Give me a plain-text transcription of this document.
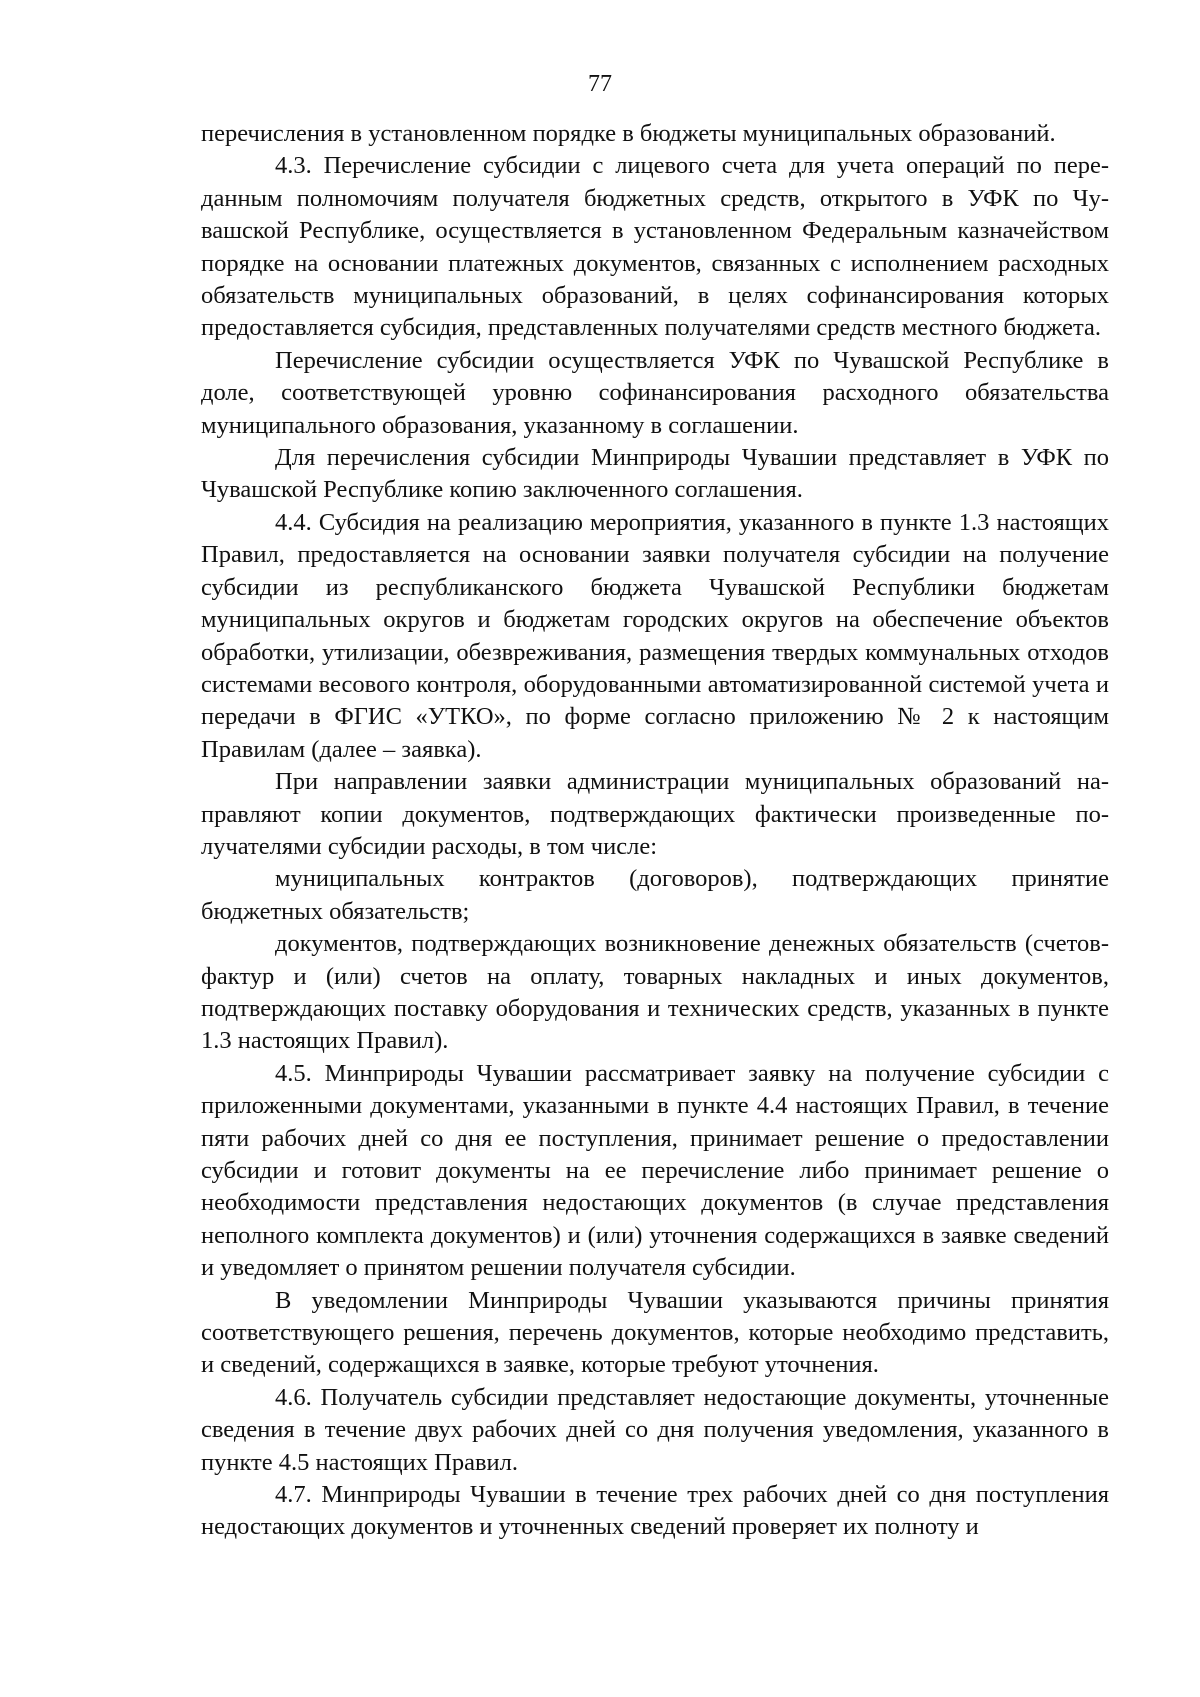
77

перечисления в установленном порядке в бюджеты муниципальных образований.

4.3. Перечисление субсидии с лицевого счета для учета операций по переданным полномочиям получателя бюджетных средств, открытого в УФК по Чувашской Республике, осуществляется в установленном Федеральным казначейством порядке на основании платежных документов, связанных с исполнением расходных обязательств муниципальных образований, в целях софинансирования которых предоставляется субсидия, представленных получателями средств местного бюджета.

Перечисление субсидии осуществляется УФК по Чувашской Республике в доле, соответствующей уровню софинансирования расходного обязательства муниципального образования, указанному в соглашении.

Для перечисления субсидии Минприроды Чувашии представляет в УФК по Чувашской Республике копию заключенного соглашения.

4.4. Субсидия на реализацию мероприятия, указанного в пункте 1.3 настоящих Правил, предоставляется на основании заявки получателя субсидии на получение субсидии из республиканского бюджета Чувашской Республики бюджетам муниципальных округов и бюджетам городских округов на обеспечение объектов обработки, утилизации, обезвреживания, размещения твердых коммунальных отходов системами весового контроля, оборудованными автоматизированной системой учета и передачи в ФГИС «УТКО», по форме согласно приложению № 2 к настоящим Правилам (далее – заявка).

При направлении заявки администрации муниципальных образований направляют копии документов, подтверждающих фактически произведенные получателями субсидии расходы, в том числе:

муниципальных контрактов (договоров), подтверждающих принятие бюджетных обязательств;

документов, подтверждающих возникновение денежных обязательств (счетов-фактур и (или) счетов на оплату, товарных накладных и иных документов, подтверждающих поставку оборудования и технических средств, указанных в пункте 1.3 настоящих Правил).

4.5. Минприроды Чувашии рассматривает заявку на получение субсидии с приложенными документами, указанными в пункте 4.4 настоящих Правил, в течение пяти рабочих дней со дня ее поступления, принимает решение о предоставлении субсидии и готовит документы на ее перечисление либо принимает решение о необходимости представления недостающих документов (в случае представления неполного комплекта документов) и (или) уточнения содержащихся в заявке сведений и уведомляет о принятом решении получателя субсидии.

В уведомлении Минприроды Чувашии указываются причины принятия соответствующего решения, перечень документов, которые необходимо представить, и сведений, содержащихся в заявке, которые требуют уточнения.

4.6. Получатель субсидии представляет недостающие документы, уточненные сведения в течение двух рабочих дней со дня получения уведомления, указанного в пункте 4.5 настоящих Правил.

4.7. Минприроды Чувашии в течение трех рабочих дней со дня поступления недостающих документов и уточненных сведений проверяет их полноту и
